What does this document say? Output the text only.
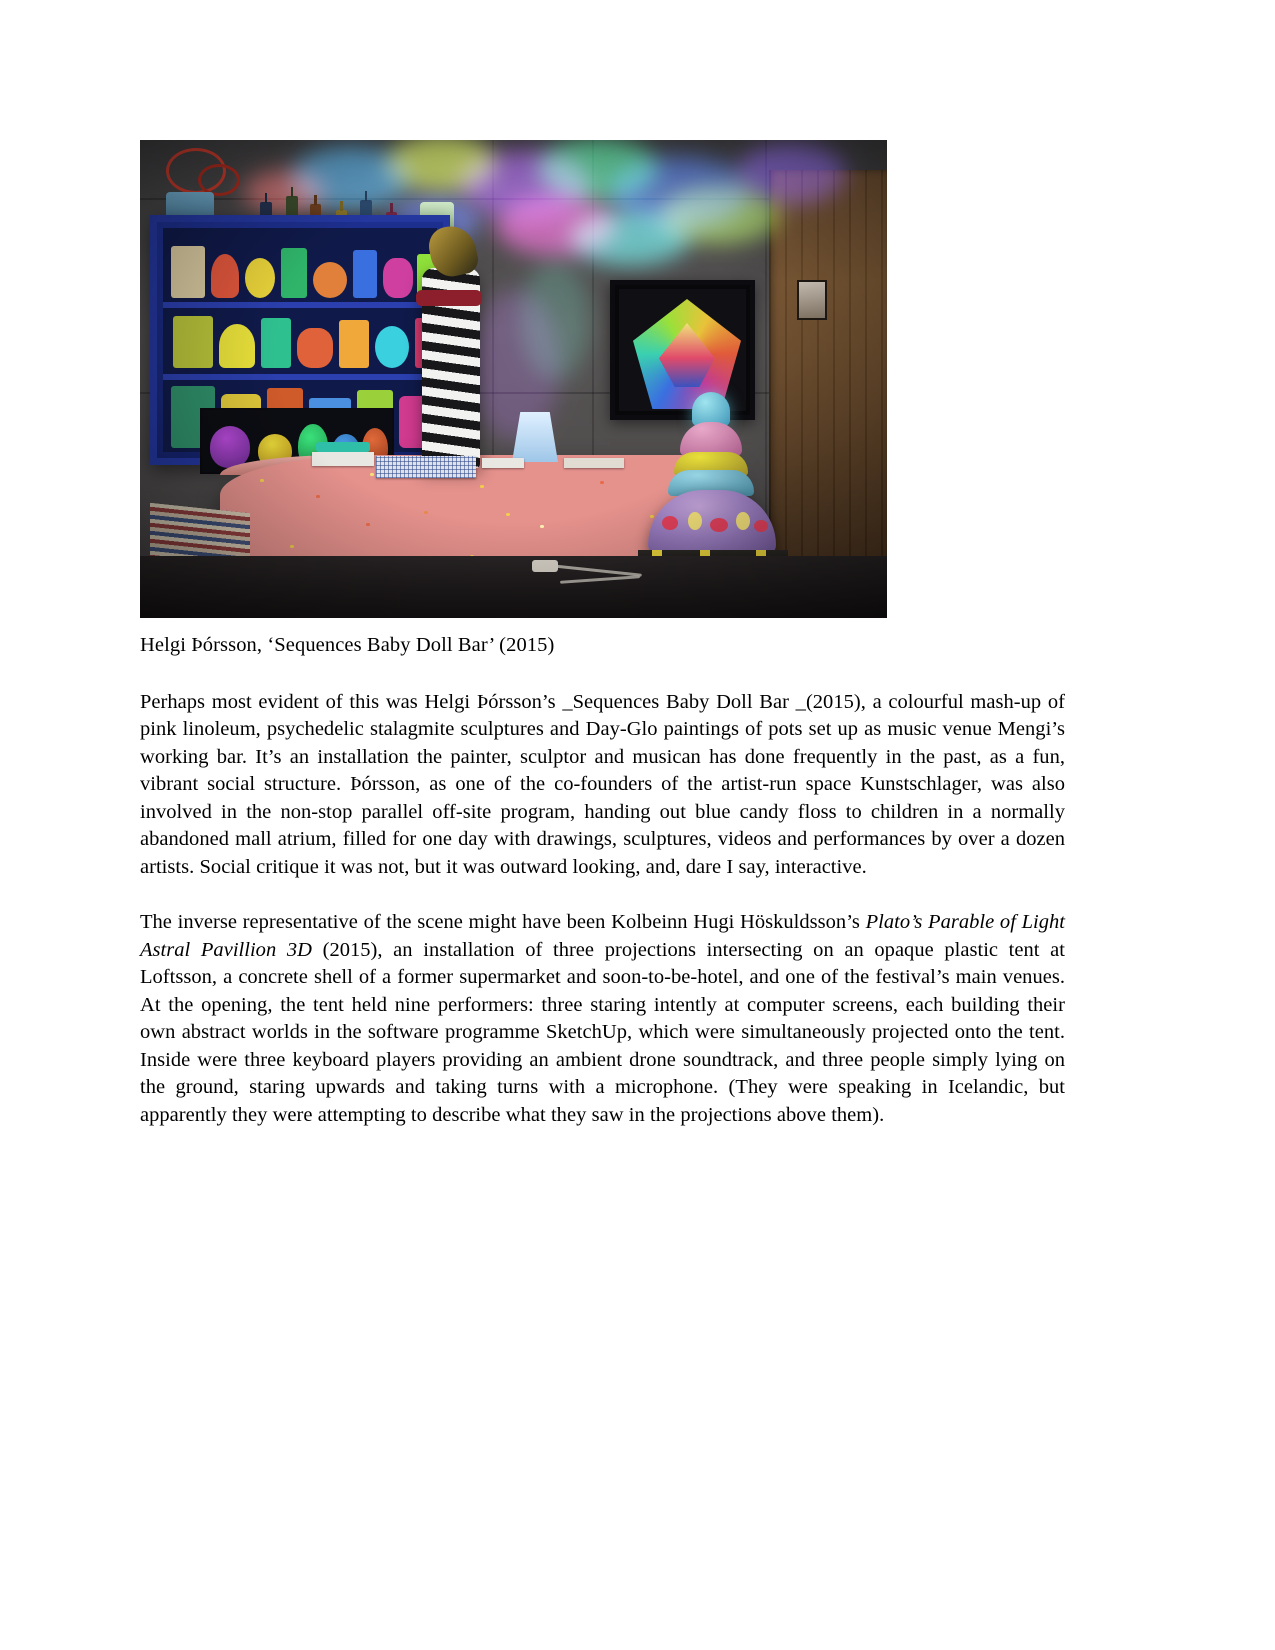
Helgi Þórsson, ‘Sequences Baby Doll Bar’ (2015)

Perhaps most evident of this was Helgi Þórsson’s _Sequences Baby Doll Bar _(2015), a colourful mash-up of pink linoleum, psychedelic stalagmite sculptures and Day-Glo paintings of pots set up as music venue Mengi’s working bar. It’s an installation the painter, sculptor and musican has done frequently in the past, as a fun, vibrant social structure. Þórsson, as one of the co-founders of the artist-run space Kunstschlager, was also involved in the non-stop parallel off-site program, handing out blue candy floss to children in a normally abandoned mall atrium, filled for one day with drawings, sculptures, videos and performances by over a dozen artists. Social critique it was not, but it was outward looking, and, dare I say, interactive.

The inverse representative of the scene might have been Kolbeinn Hugi Höskuldsson’s Plato’s Parable of Light Astral Pavillion 3D (2015), an installation of three projections intersecting on an opaque plastic tent at Loftsson, a concrete shell of a former supermarket and soon-to-be-hotel, and one of the festival’s main venues. At the opening, the tent held nine performers: three staring intently at computer screens, each building their own abstract worlds in the software programme SketchUp, which were simultaneously projected onto the tent. Inside were three keyboard players providing an ambient drone soundtrack, and three people simply lying on the ground, staring upwards and taking turns with a microphone. (They were speaking in Icelandic, but apparently they were attempting to describe what they saw in the projections above them).
